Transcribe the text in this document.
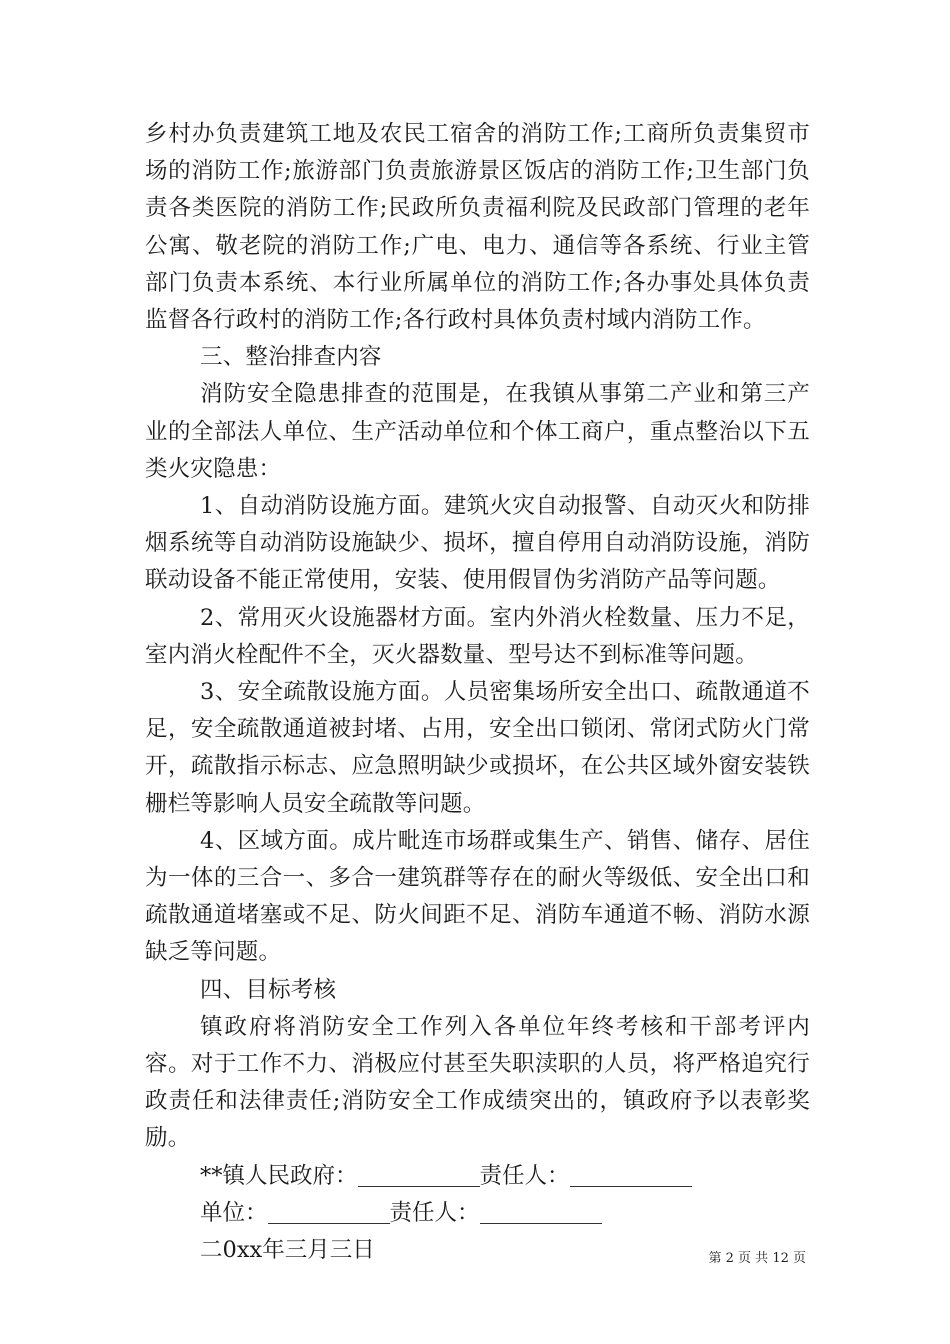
乡村办负责建筑工地及农民工宿舍的消防工作;工商所负责集贸市场的消防工作;旅游部门负责旅游景区饭店的消防工作;卫生部门负责各类医院的消防工作;民政所负责福利院及民政部门管理的老年公寓、敬老院的消防工作;广电、电力、通信等各系统、行业主管部门负责本系统、本行业所属单位的消防工作;各办事处具体负责监督各行政村的消防工作;各行政村具体负责村域内消防工作。

三、整治排查内容

消防安全隐患排查的范围是，在我镇从事第二产业和第三产业的全部法人单位、生产活动单位和个体工商户，重点整治以下五类火灾隐患：

1、自动消防设施方面。建筑火灾自动报警、自动灭火和防排烟系统等自动消防设施缺少、损坏，擅自停用自动消防设施，消防联动设备不能正常使用，安装、使用假冒伪劣消防产品等问题。

2、常用灭火设施器材方面。室内外消火栓数量、压力不足，室内消火栓配件不全，灭火器数量、型号达不到标准等问题。

3、安全疏散设施方面。人员密集场所安全出口、疏散通道不足，安全疏散通道被封堵、占用，安全出口锁闭、常闭式防火门常开，疏散指示标志、应急照明缺少或损坏，在公共区域外窗安装铁栅栏等影响人员安全疏散等问题。

4、区域方面。成片毗连市场群或集生产、销售、储存、居住为一体的三合一、多合一建筑群等存在的耐火等级低、安全出口和疏散通道堵塞或不足、防火间距不足、消防车通道不畅、消防水源缺乏等问题。

四、目标考核

镇政府将消防安全工作列入各单位年终考核和干部考评内容。对于工作不力、消极应付甚至失职渎职的人员，将严格追究行政责任和法律责任;消防安全工作成绩突出的，镇政府予以表彰奖励。

**镇人民政府：	责任人：

单位：	责任人：

二0xx年三月三日	第 2 页 共 12 页
